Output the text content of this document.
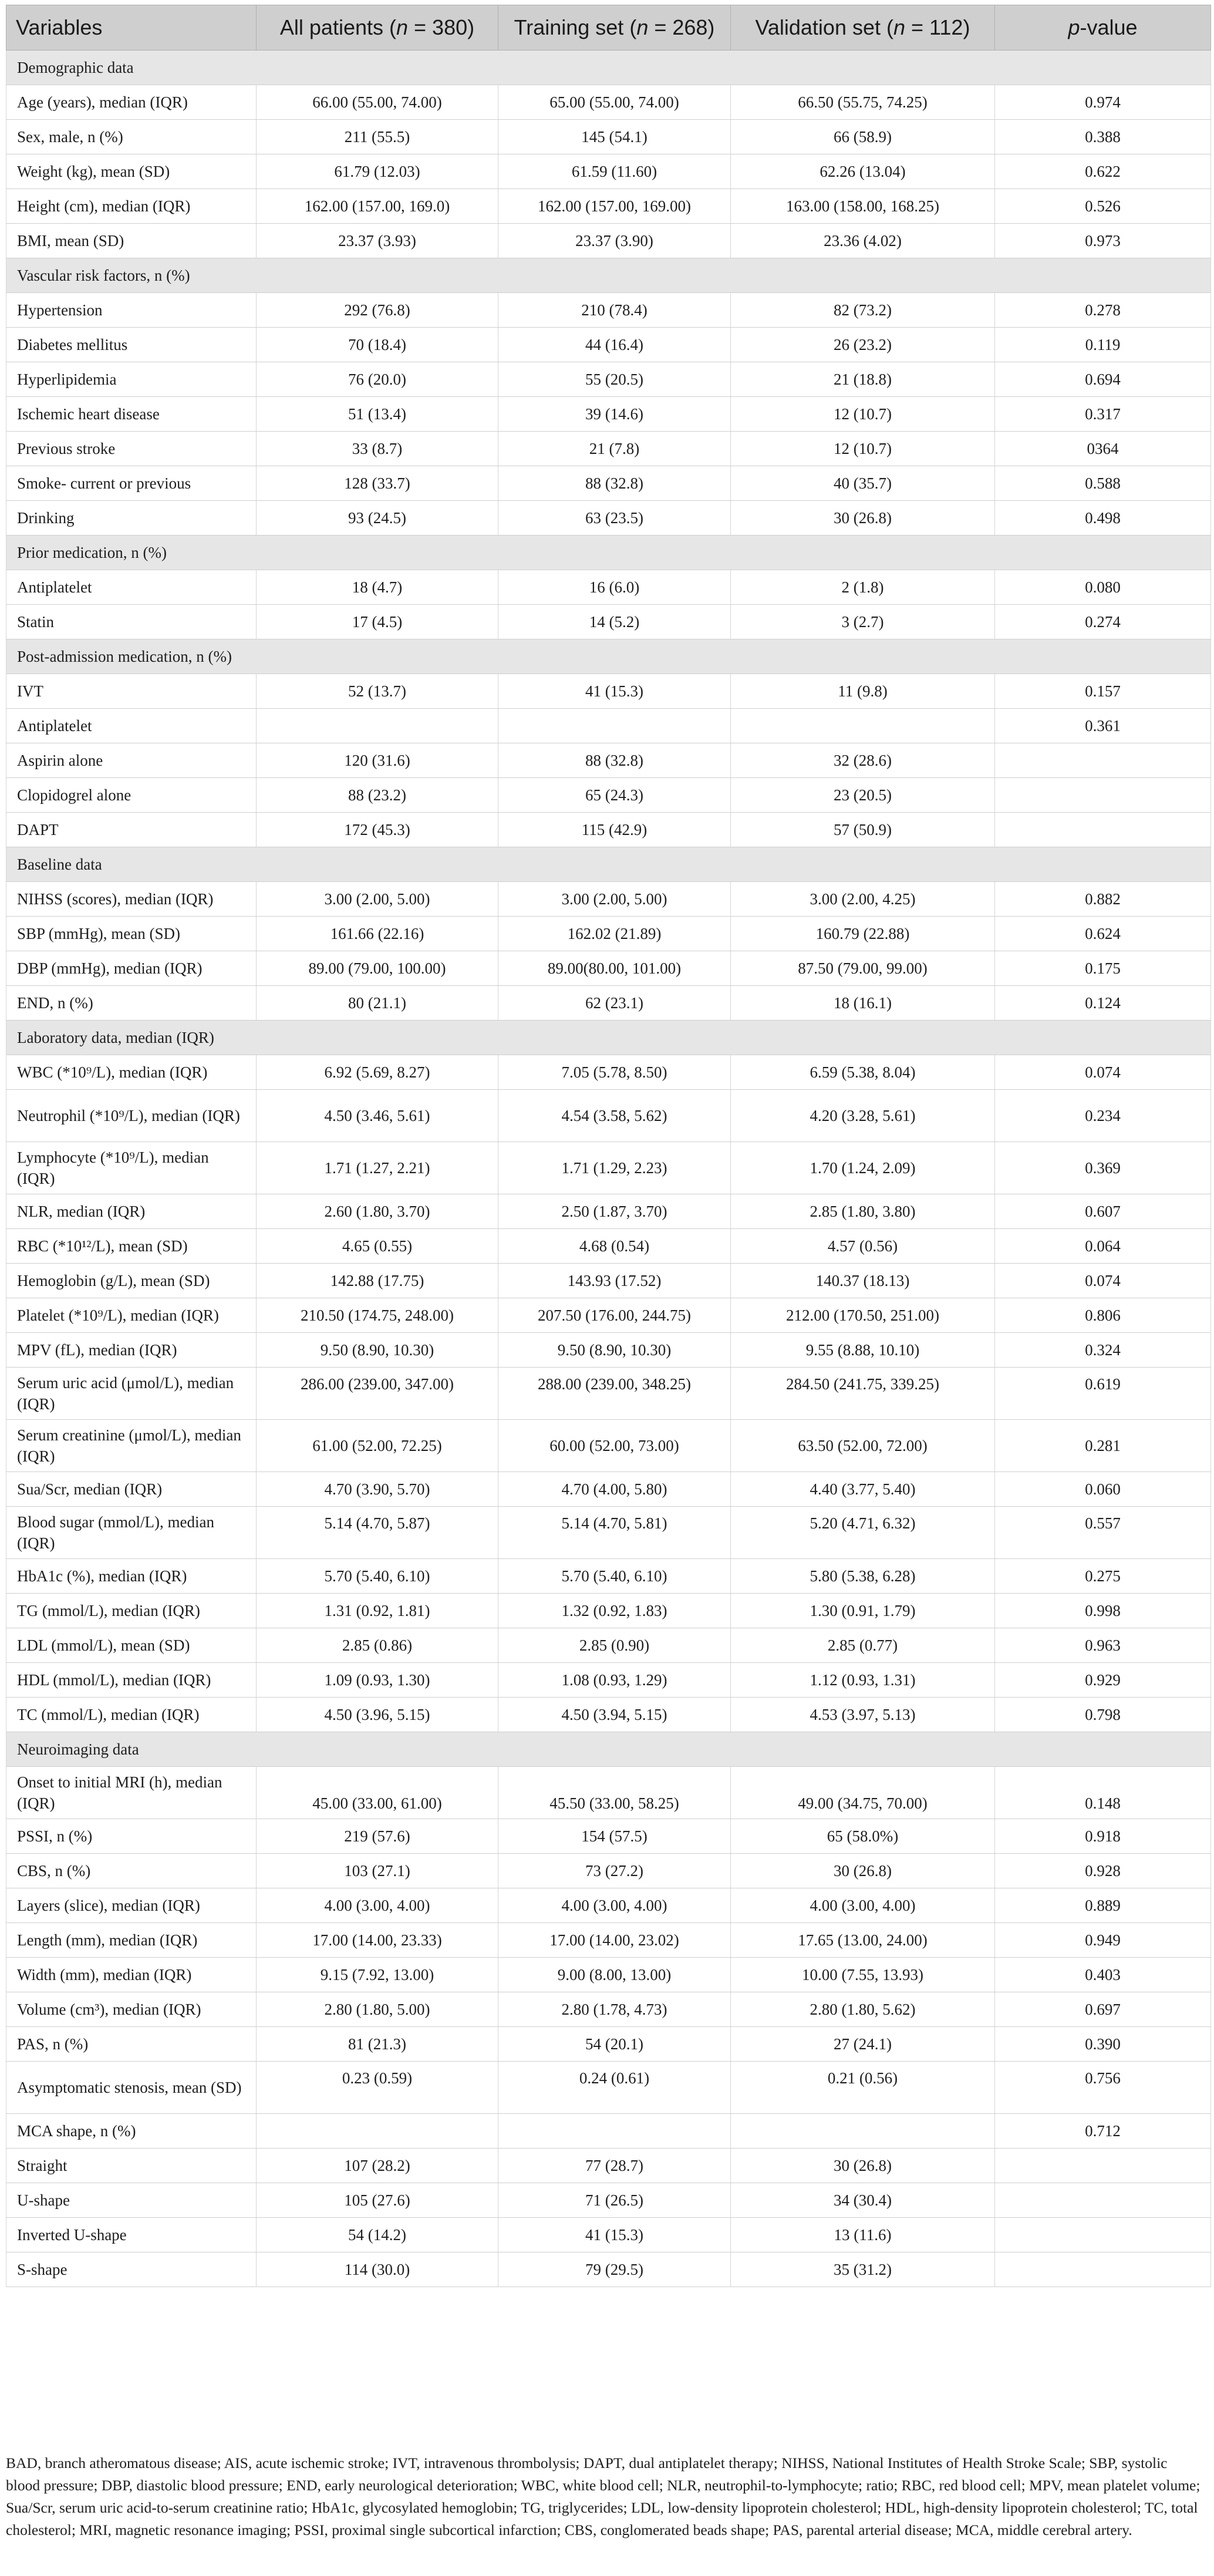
Variables	All patients (n = 380)	Training set (n = 268)	Validation set (n = 112)	p-value
Demographic data				
Age (years), median (IQR)	66.00 (55.00, 74.00)	65.00 (55.00, 74.00)	66.50 (55.75, 74.25)	0.974
Sex, male, n (%)	211 (55.5)	145 (54.1)	66 (58.9)	0.388
Weight (kg), mean (SD)	61.79 (12.03)	61.59 (11.60)	62.26 (13.04)	0.622
Height (cm), median (IQR)	162.00 (157.00, 169.0)	162.00 (157.00, 169.00)	163.00 (158.00, 168.25)	0.526
BMI, mean (SD)	23.37 (3.93)	23.37 (3.90)	23.36 (4.02)	0.973
Vascular risk factors, n (%)				
Hypertension	292 (76.8)	210 (78.4)	82 (73.2)	0.278
Diabetes mellitus	70 (18.4)	44 (16.4)	26 (23.2)	0.119
Hyperlipidemia	76 (20.0)	55 (20.5)	21 (18.8)	0.694
Ischemic heart disease	51 (13.4)	39 (14.6)	12 (10.7)	0.317
Previous stroke	33 (8.7)	21 (7.8)	12 (10.7)	0364
Smoke- current or previous	128 (33.7)	88 (32.8)	40 (35.7)	0.588
Drinking	93 (24.5)	63 (23.5)	30 (26.8)	0.498
Prior medication, n (%)				
Antiplatelet	18 (4.7)	16 (6.0)	2 (1.8)	0.080
Statin	17 (4.5)	14 (5.2)	3 (2.7)	0.274
Post-admission medication, n (%)				
IVT	52 (13.7)	41 (15.3)	11 (9.8)	0.157
Antiplatelet				0.361
Aspirin alone	120 (31.6)	88 (32.8)	32 (28.6)	
Clopidogrel alone	88 (23.2)	65 (24.3)	23 (20.5)	
DAPT	172 (45.3)	115 (42.9)	57 (50.9)	
Baseline data				
NIHSS (scores), median (IQR)	3.00 (2.00, 5.00)	3.00 (2.00, 5.00)	3.00 (2.00, 4.25)	0.882
SBP (mmHg), mean (SD)	161.66 (22.16)	162.02 (21.89)	160.79 (22.88)	0.624
DBP (mmHg), median (IQR)	89.00 (79.00, 100.00)	89.00(80.00, 101.00)	87.50 (79.00, 99.00)	0.175
END, n (%)	80 (21.1)	62 (23.1)	18 (16.1)	0.124
Laboratory data, median (IQR)				
WBC (*10⁹/L), median (IQR)	6.92 (5.69, 8.27)	7.05 (5.78, 8.50)	6.59 (5.38, 8.04)	0.074
Neutrophil (*10⁹/L), median (IQR)	4.50 (3.46, 5.61)	4.54 (3.58, 5.62)	4.20 (3.28, 5.61)	0.234
Lymphocyte (*10⁹/L), median (IQR)	1.71 (1.27, 2.21)	1.71 (1.29, 2.23)	1.70 (1.24, 2.09)	0.369
NLR, median (IQR)	2.60 (1.80, 3.70)	2.50 (1.87, 3.70)	2.85 (1.80, 3.80)	0.607
RBC (*10¹²/L), mean (SD)	4.65 (0.55)	4.68 (0.54)	4.57 (0.56)	0.064
Hemoglobin (g/L), mean (SD)	142.88 (17.75)	143.93 (17.52)	140.37 (18.13)	0.074
Platelet (*10⁹/L), median (IQR)	210.50 (174.75, 248.00)	207.50 (176.00, 244.75)	212.00 (170.50, 251.00)	0.806
MPV (fL), median (IQR)	9.50 (8.90, 10.30)	9.50 (8.90, 10.30)	9.55 (8.88, 10.10)	0.324
Serum uric acid (μmol/L), median (IQR)	286.00 (239.00, 347.00)	288.00 (239.00, 348.25)	284.50 (241.75, 339.25)	0.619
Serum creatinine (μmol/L), median (IQR)	61.00 (52.00, 72.25)	60.00 (52.00, 73.00)	63.50 (52.00, 72.00)	0.281
Sua/Scr, median (IQR)	4.70 (3.90, 5.70)	4.70 (4.00, 5.80)	4.40 (3.77, 5.40)	0.060
Blood sugar (mmol/L), median (IQR)	5.14 (4.70, 5.87)	5.14 (4.70, 5.81)	5.20 (4.71, 6.32)	0.557
HbA1c (%), median (IQR)	5.70 (5.40, 6.10)	5.70 (5.40, 6.10)	5.80 (5.38, 6.28)	0.275
TG (mmol/L), median (IQR)	1.31 (0.92, 1.81)	1.32 (0.92, 1.83)	1.30 (0.91, 1.79)	0.998
LDL (mmol/L), mean (SD)	2.85 (0.86)	2.85 (0.90)	2.85 (0.77)	0.963
HDL (mmol/L), median (IQR)	1.09 (0.93, 1.30)	1.08 (0.93, 1.29)	1.12 (0.93, 1.31)	0.929
TC (mmol/L), median (IQR)	4.50 (3.96, 5.15)	4.50 (3.94, 5.15)	4.53 (3.97, 5.13)	0.798
Neuroimaging data				
Onset to initial MRI (h), median (IQR)	45.00 (33.00, 61.00)	45.50 (33.00, 58.25)	49.00 (34.75, 70.00)	0.148
PSSI, n (%)	219 (57.6)	154 (57.5)	65 (58.0%)	0.918
CBS, n (%)	103 (27.1)	73 (27.2)	30 (26.8)	0.928
Layers (slice), median (IQR)	4.00 (3.00, 4.00)	4.00 (3.00, 4.00)	4.00 (3.00, 4.00)	0.889
Length (mm), median (IQR)	17.00 (14.00, 23.33)	17.00 (14.00, 23.02)	17.65 (13.00, 24.00)	0.949
Width (mm), median (IQR)	9.15 (7.92, 13.00)	9.00 (8.00, 13.00)	10.00 (7.55, 13.93)	0.403
Volume (cm³), median (IQR)	2.80 (1.80, 5.00)	2.80 (1.78, 4.73)	2.80 (1.80, 5.62)	0.697
PAS, n (%)	81 (21.3)	54 (20.1)	27 (24.1)	0.390
Asymptomatic stenosis, mean (SD)	0.23 (0.59)	0.24 (0.61)	0.21 (0.56)	0.756
MCA shape, n (%)				0.712
Straight	107 (28.2)	77 (28.7)	30 (26.8)	
U-shape	105 (27.6)	71 (26.5)	34 (30.4)	
Inverted U-shape	54 (14.2)	41 (15.3)	13 (11.6)	
S-shape	114 (30.0)	79 (29.5)	35 (31.2)	
BAD, branch atheromatous disease; AIS, acute ischemic stroke; IVT, intravenous thrombolysis; DAPT, dual antiplatelet therapy; NIHSS, National Institutes of Health Stroke Scale; SBP, systolic blood pressure; DBP, diastolic blood pressure; END, early neurological deterioration; WBC, white blood cell; NLR, neutrophil-to-lymphocyte; ratio; RBC, red blood cell; MPV, mean platelet volume; Sua/Scr, serum uric acid-to-serum creatinine ratio; HbA1c, glycosylated hemoglobin; TG, triglycerides; LDL, low-density lipoprotein cholesterol; HDL, high-density lipoprotein cholesterol; TC, total cholesterol; MRI, magnetic resonance imaging; PSSI, proximal single subcortical infarction; CBS, conglomerated beads shape; PAS, parental arterial disease; MCA, middle cerebral artery.
